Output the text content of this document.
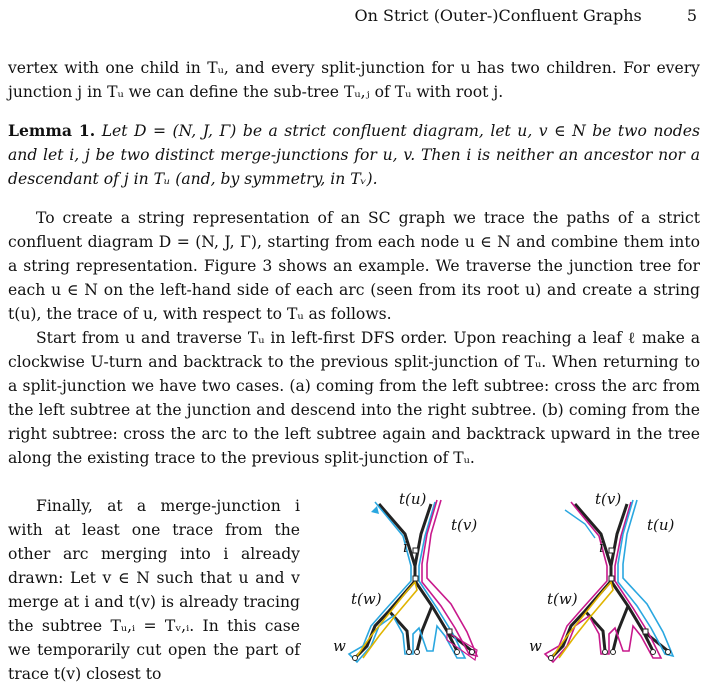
On Strict (Outer-)Confluent Graphs	5
vertex with one child in Tᵤ, and every split-junction for u has two children. For every junction j in Tᵤ we can define the sub-tree Tᵤ,ⱼ of Tᵤ with root j.
Lemma 1. Let D = (N, J, Γ) be a strict confluent diagram, let u, v ∈ N be two nodes and let i, j be two distinct merge-junctions for u, v. Then i is neither an ancestor nor a descendant of j in Tᵤ (and, by symmetry, in Tᵥ).
To create a string representation of an SC graph we trace the paths of a strict confluent diagram D = (N, J, Γ), starting from each node u ∈ N and combine them into a string representation. Figure 3 shows an example. We traverse the junction tree for each u ∈ N on the left-hand side of each arc (seen from its root u) and create a string t(u), the trace of u, with respect to Tᵤ as follows.
Start from u and traverse Tᵤ in left-first DFS order. Upon reaching a leaf ℓ make a clockwise U-turn and backtrack to the previous split-junction of Tᵤ. When returning to a split-junction we have two cases. (a) coming from the left subtree: cross the arc from the left subtree at the junction and descend into the right subtree. (b) coming from the right subtree: cross the arc to the left subtree again and backtrack upward in the tree along the existing trace to the previous split-junction of Tᵤ.
Finally, at a merge-junction i with at least one trace from the other arc merging into i already drawn: Let v ∈ N such that u and v merge at i and t(v) is already tracing the subtree Tᵤ,ᵢ = Tᵥ,ᵢ. In this case we temporarily cut open the part of trace t(v) closest to
t(u)
t(v)
i
t(w)
w
t(v)
t(u)
i
t(w)
w
